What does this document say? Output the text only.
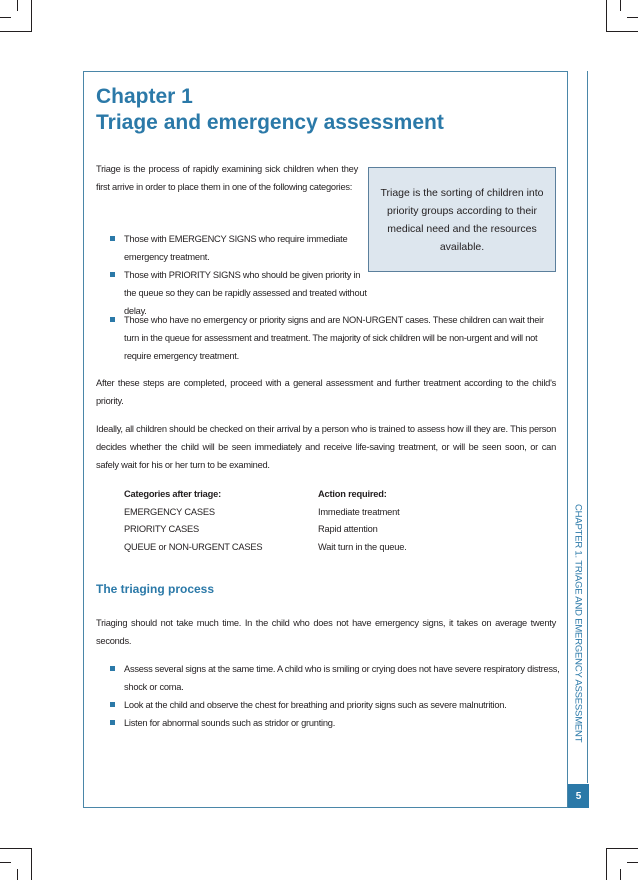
CHAPTER 1. TRIAGE AND EMERGENCY ASSESSMENT
5
Chapter 1
Triage and emergency assessment

Triage is the process of rapidly examining sick children when they first arrive in order to place them in one of the following categories:	Triage is the sorting of children into priority groups according to their medical need and the resources available.
Those with EMERGENCY SIGNS who require immediate emergency treatment.
Those with PRIORITY SIGNS who should be given priority in the queue so they can be rapidly assessed and treated without delay.
Those who have no emergency or priority signs and are NON-URGENT cases. These children can wait their turn in the queue for assessment and treatment. The majority of sick children will be non-urgent and will not require emergency treatment.

After these steps are completed, proceed with a general assessment and further treatment according to the child's priority.

Ideally, all children should be checked on their arrival by a person who is trained to assess how ill they are. This person decides whether the child will be seen immediately and receive life-saving treatment, or will be seen soon, or can safely wait for his or her turn to be examined.

Categories after triage:
EMERGENCY CASES
PRIORITY CASES
QUEUE or NON-URGENT CASES
Action required:
Immediate treatment
Rapid attention
Wait turn in the queue.
The triaging process

Triaging should not take much time. In the child who does not have emergency signs, it takes on average twenty seconds.

Assess several signs at the same time. A child who is smiling or crying does not have severe respiratory distress, shock or coma.
Look at the child and observe the chest for breathing and priority signs such as severe malnutrition.
Listen for abnormal sounds such as stridor or grunting.
